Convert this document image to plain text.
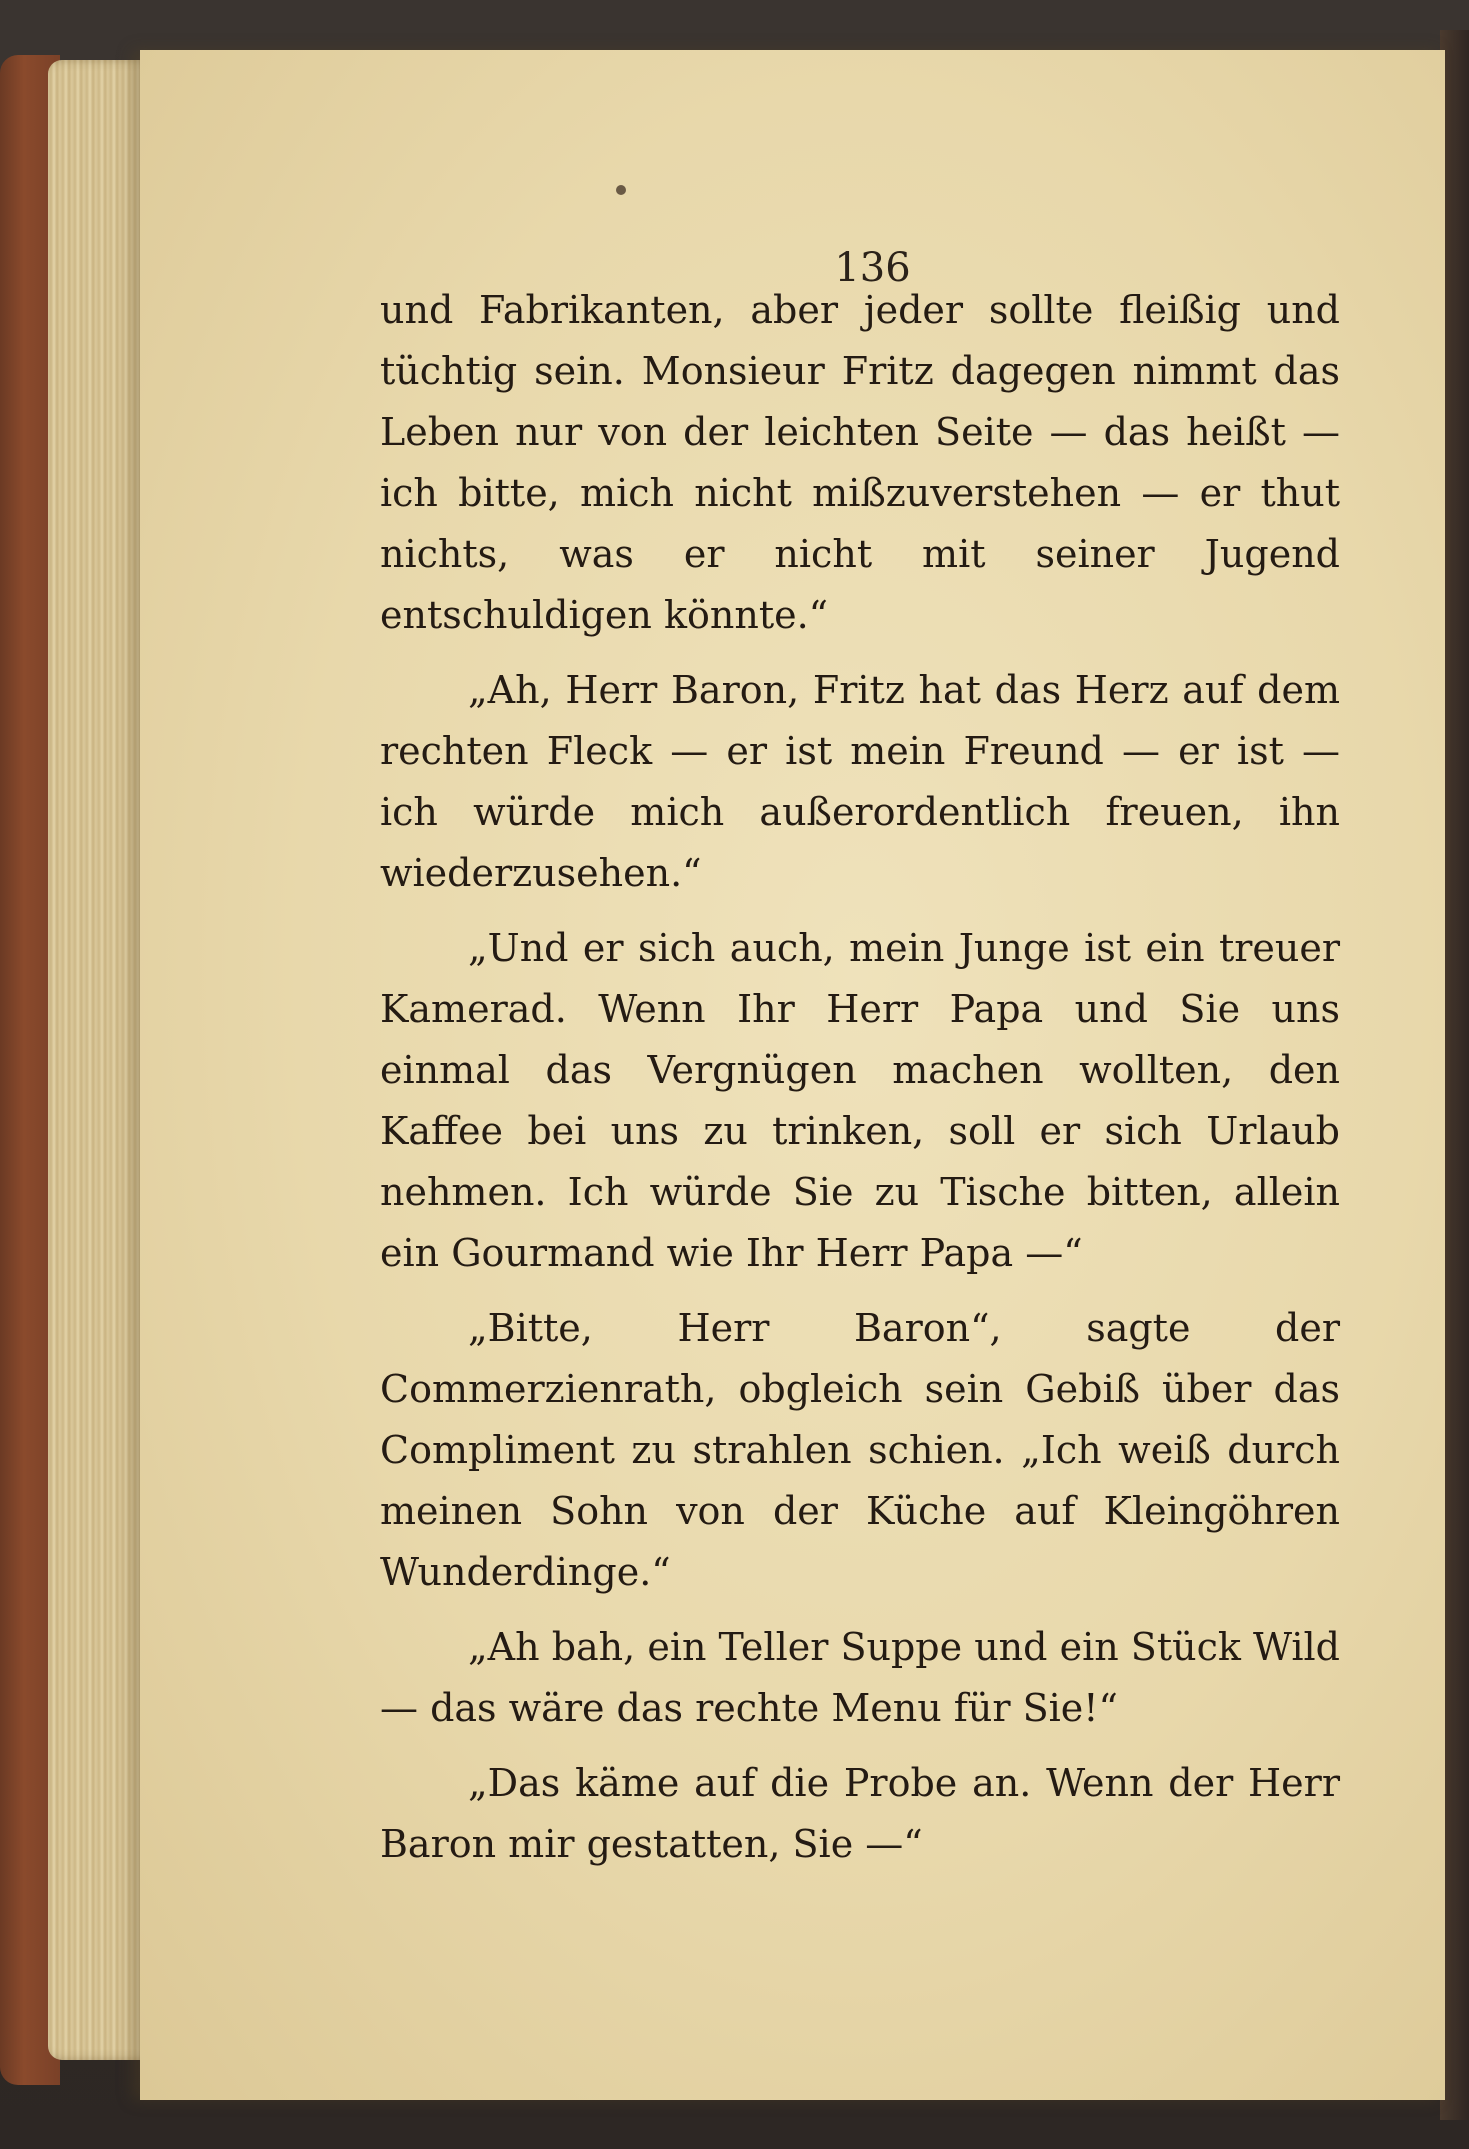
136

und Fabrikanten, aber jeder sollte fleißig und tüchtig sein. Monsieur Fritz dagegen nimmt das Leben nur von der leichten Seite — das heißt — ich bitte, mich nicht mißzuverstehen — er thut nichts, was er nicht mit seiner Jugend entschuldigen könnte.“

„Ah, Herr Baron, Fritz hat das Herz auf dem rechten Fleck — er ist mein Freund — er ist — ich würde mich außerordentlich freuen, ihn wiederzusehen.“

„Und er sich auch, mein Junge ist ein treuer Kamerad. Wenn Ihr Herr Papa und Sie uns einmal das Vergnügen machen wollten, den Kaffee bei uns zu trinken, soll er sich Urlaub nehmen. Ich würde Sie zu Tische bitten, allein ein Gourmand wie Ihr Herr Papa —“

„Bitte, Herr Baron“, sagte der Commerzienrath, obgleich sein Gebiß über das Compliment zu strahlen schien. „Ich weiß durch meinen Sohn von der Küche auf Kleingöhren Wunderdinge.“

„Ah bah, ein Teller Suppe und ein Stück Wild — das wäre das rechte Menu für Sie!“

„Das käme auf die Probe an. Wenn der Herr Baron mir gestatten, Sie —“
